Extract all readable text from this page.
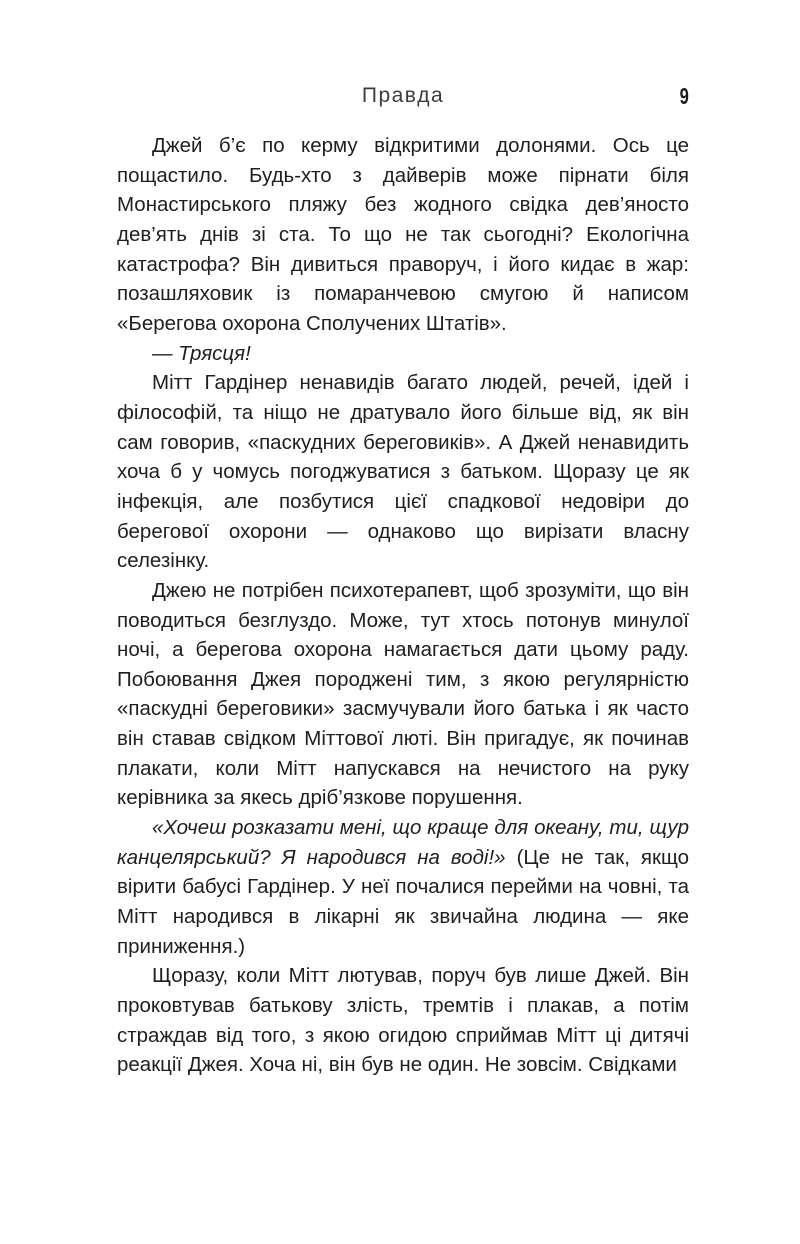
Правда	9

Джей б’є по керму відкритими долонями. Ось це пощастило. Будь-хто з дайверів може пірнати біля Монастирського пляжу без жодного свідка дев’яносто дев’ять днів зі ста. То що не так сьогодні? Екологічна катастрофа? Він дивиться праворуч, і його кидає в жар: позашляховик із помаранчевою смугою й написом «Берегова охорона Сполучених Штатів».

— Трясця!

Мітт Гардінер ненавидів багато людей, речей, ідей і філософій, та ніщо не дратувало його більше від, як він сам говорив, «паскудних береговиків». А Джей ненавидить хоча б у чомусь погоджуватися з батьком. Щоразу це як інфекція, але позбутися цієї спадкової недовіри до берегової охорони — однаково що вирізати власну селезінку.

Джею не потрібен психотерапевт, щоб зрозуміти, що він поводиться безглуздо. Може, тут хтось потонув минулої ночі, а берегова охорона намагається дати цьому раду. Побоювання Джея породжені тим, з якою регулярністю «паскудні береговики» засмучували його батька і як часто він ставав свідком Міттової люті. Він пригадує, як починав плакати, коли Мітт напускався на нечистого на руку керівника за якесь дріб’язкове порушення.

«Хочеш розказати мені, що краще для океану, ти, щур канцелярський? Я народився на воді!» (Це не так, якщо вірити бабусі Гардінер. У неї почалися перейми на човні, та Мітт народився в лікарні як звичайна людина — яке приниження.)

Щоразу, коли Мітт лютував, поруч був лише Джей. Він проковтував батькову злість, тремтів і плакав, а потім страждав від того, з якою огидою сприймав Мітт ці дитячі реакції Джея. Хоча ні, він був не один. Не зовсім. Свідками
